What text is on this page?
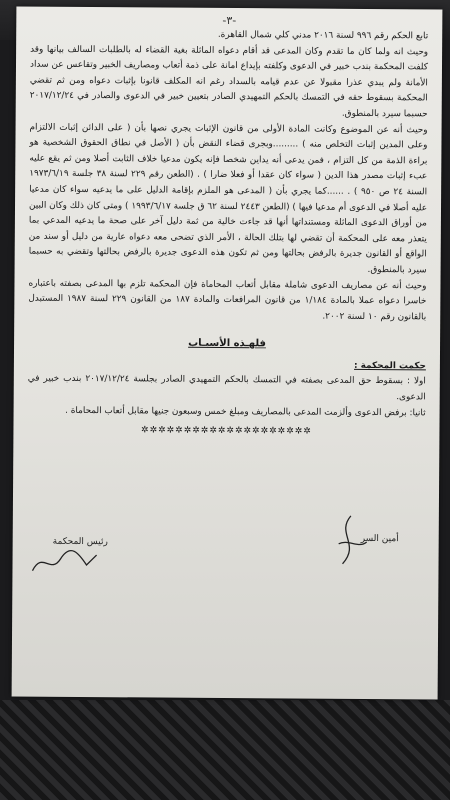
-٣-

تابع الحكم رقم ٩٩٦ لسنة ٢٠١٦ مدني كلي شمال القاهرة.

وحيث انه ولما كان ما تقدم وكان المدعى قد أقام دعواه الماثلة بغية القضاء له بالطلبات السالف بيانها وقد كلفت المحكمة بندب خبير في الدعوى وكلفته بإيداع امانة على ذمة أتعاب ومصاريف الخبير وتقاعس عن سداد الأمانة ولم يبدي عذرا مقبولا عن عدم قيامه بالسداد رغم انه المكلف قانونا بإثبات دعواه ومن ثم تقضي المحكمة بسقوط حقه في التمسك بالحكم التمهيدي الصادر بتعيين خبير في الدعوى والصادر في ٢٠١٧/١٢/٢٤ حسبما سيرد بالمنطوق.

وحيث أنه عن الموضوع وكانت المادة الأولى من قانون الإثبات يجري نصها بأن ( على الدائن إثبات الالتزام وعلى المدين إثبات التخلص منه ) .........وبجرى قضاء النقض بأن ( الأصل في نطاق الحقوق الشخصية هو براءة الذمة من كل التزام ، فمن يدعى أنه يداين شخصا فإنه يكون مدعيا خلاف الثابت أصلا ومن ثم يقع عليه عبء إثبات مصدر هذا الدين ( سواء كان عقدا أو فعلا ضارا ) . (الطعن رقم ٢٢٩ لسنة ٣٨ جلسة ١٩٧٣/٦/١٩ السنة ٢٤ ص ٩٥٠ ) . ......كما يجري بأن ( المدعى هو الملزم بإقامة الدليل على ما يدعيه سواء كان مدعيا عليه أصلا في الدعوى أم مدعيا فيها ) (الطعن ٢٤٤٣ لسنة ٦٢ ق جلسة ١٩٩٣/٦/١٧ ) ومتى كان ذلك وكان البين من أوراق الدعوى الماثلة ومستنداتها أنها قد جاءت خالية من ثمة دليل آخر على صحة ما يدعيه المدعي بما يتعذر معه على المحكمة أن تقضي لها بتلك الحالة ، الأمر الذي تضحى معه دعواه عارية من دليل أو سند من الواقع أو القانون جديرة بالرفض بحالتها ومن ثم تكون هذه الدعوى جديرة بالرفض بحالتها وتقضي به حسبما سيرد بالمنطوق.

وحيث أنه عن مصاريف الدعوى شاملة مقابل أتعاب المحاماة فإن المحكمة تلزم بها المدعى بصفته باعتباره خاسرا دعواه عملا بالمادة ١/١٨٤ من قانون المرافعات والمادة ١٨٧ من القانون ٢٢٩ لسنة ١٩٨٧ المستبدل بالقانون رقم ١٠ لسنة ٢٠٠٢.

فلهـذه الأسبـاب

حكمت المحكمة :

اولا : بسقوط حق المدعى بصفته في التمسك بالحكم التمهيدي الصادر بجلسة ٢٠١٧/١٢/٢٤ بندب خبير في الدعوى.

ثانيا: برفض الدعوى وألزمت المدعى بالمصاريف ومبلغ خمس وسبعون جنيها مقابل أتعاب المحاماة .

✲✲✲✲✲✲✲✲✲✲✲✲✲✲✲✲✲✲✲✲
رئيس المحكمة	أمين السر
